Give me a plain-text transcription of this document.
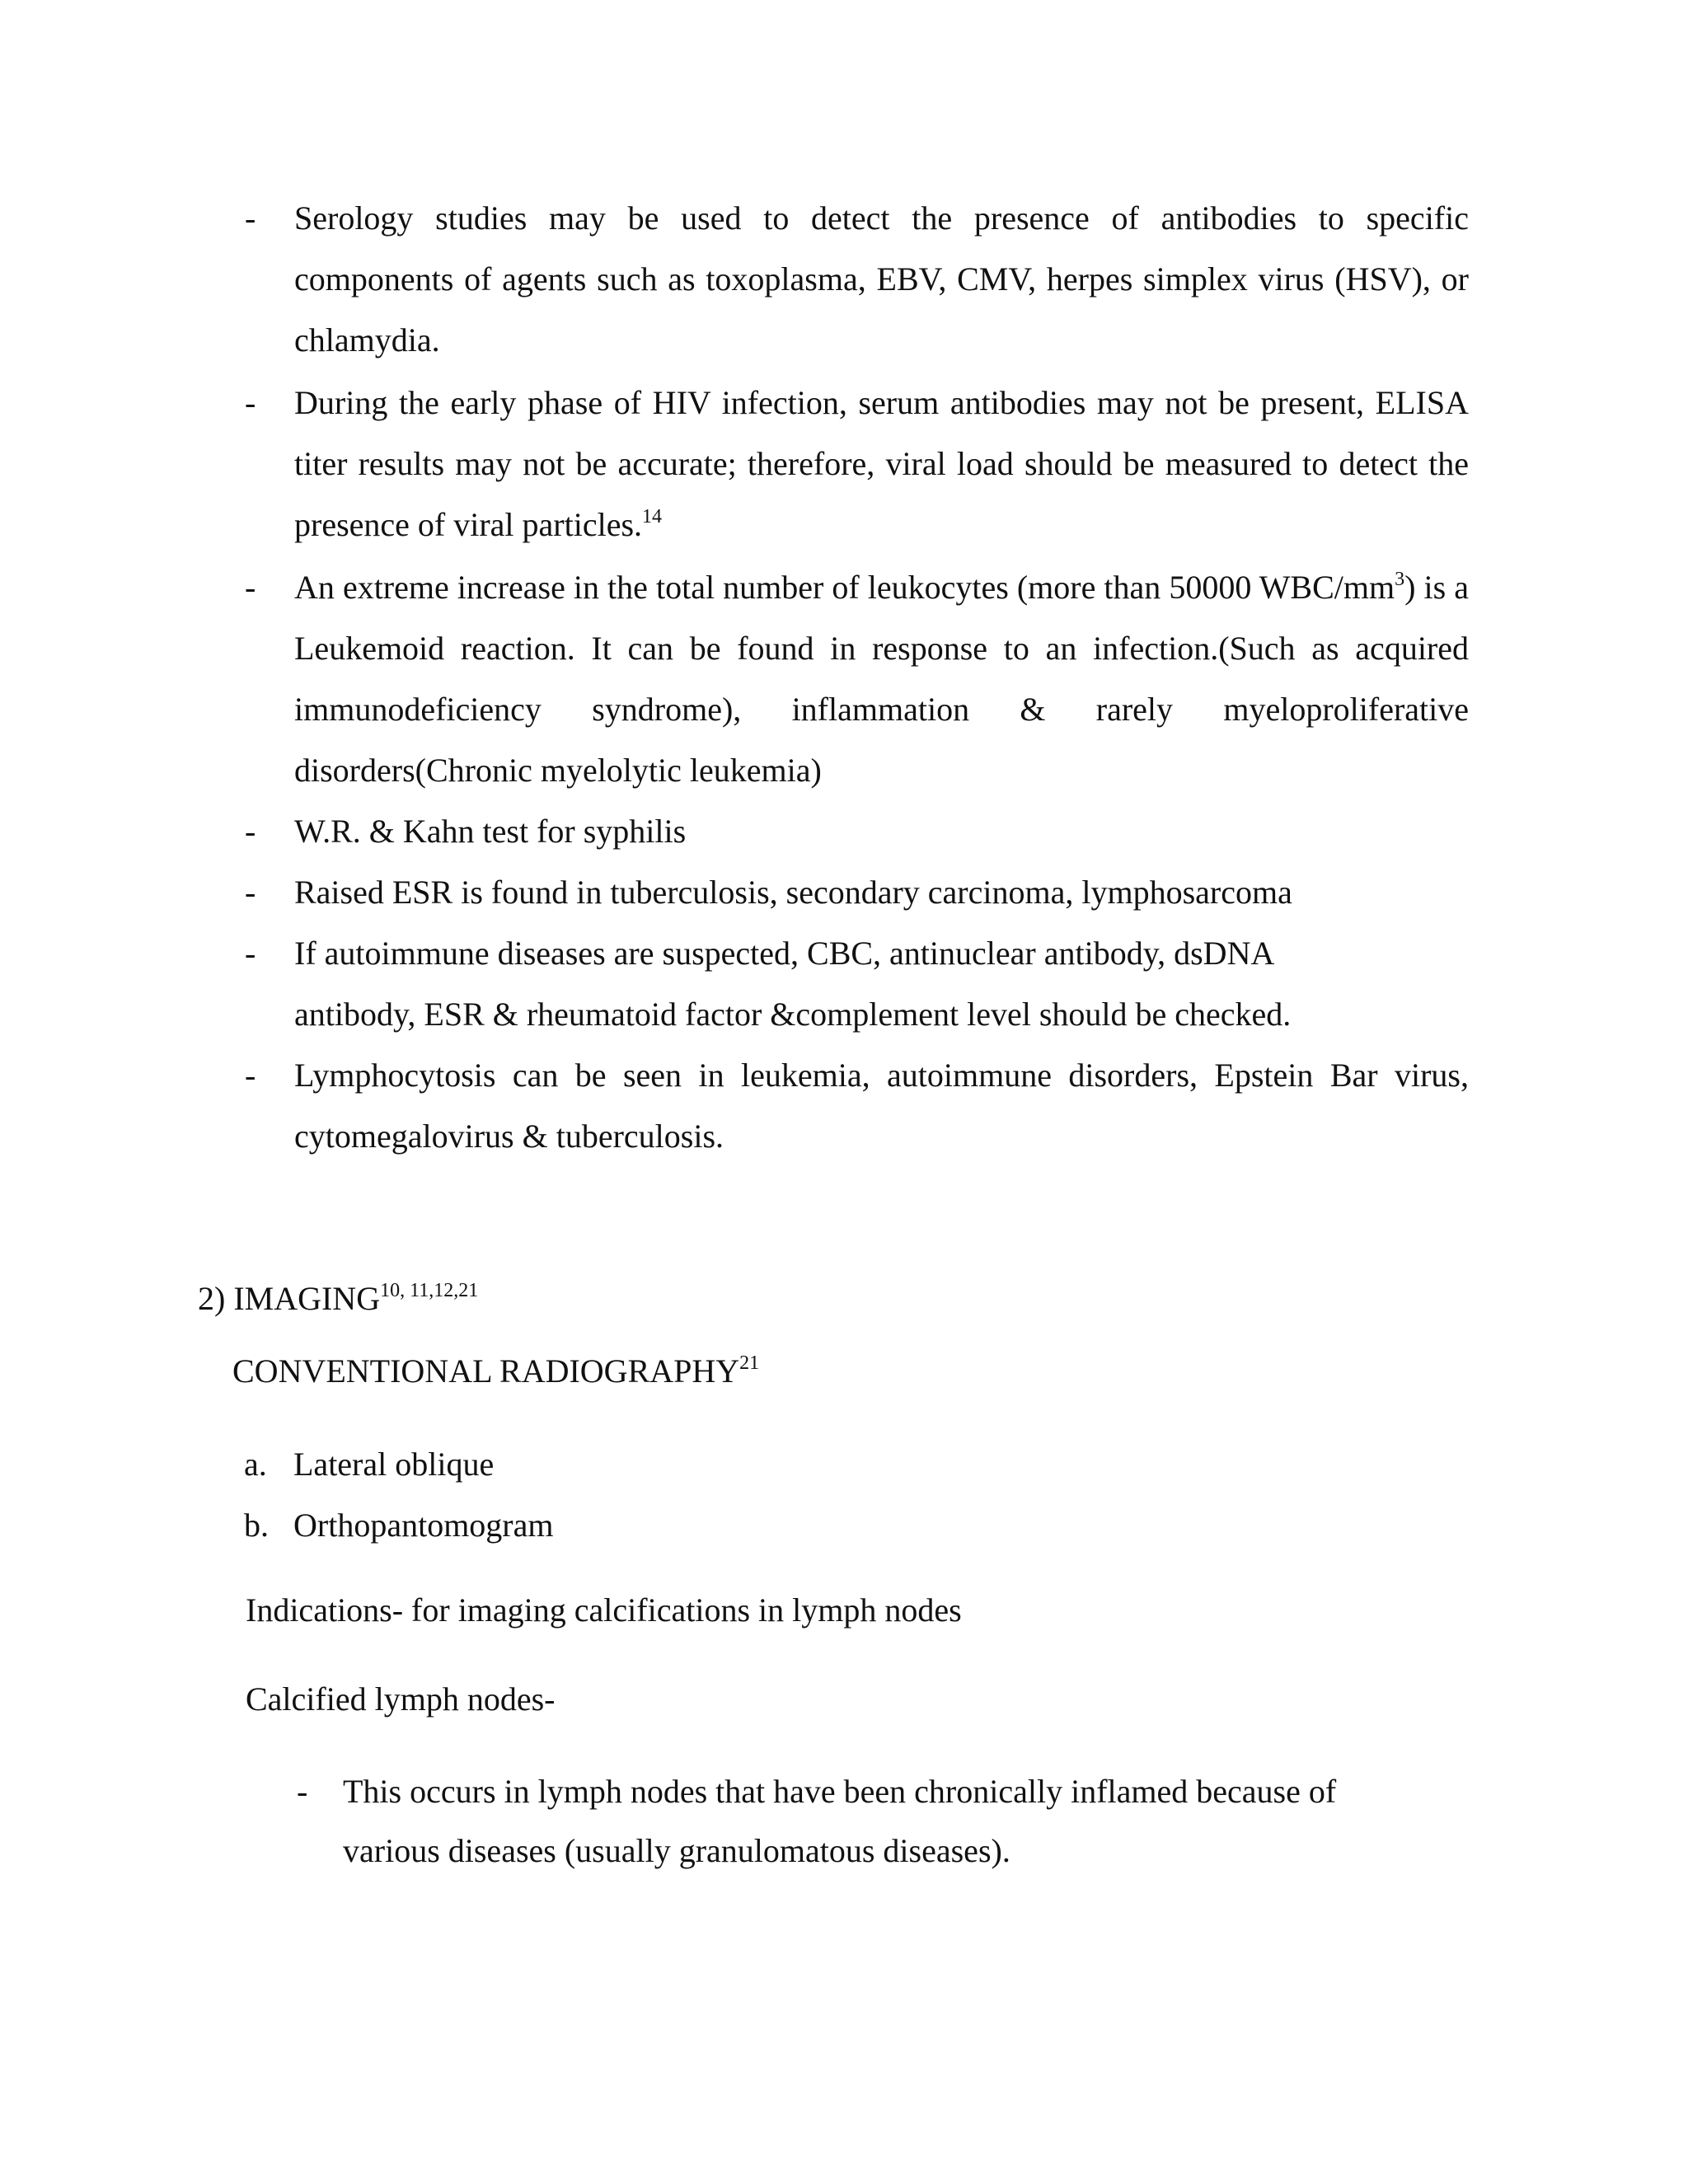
- Serology studies may be used to detect the presence of antibodies to specific components of agents such as toxoplasma, EBV, CMV, herpes simplex virus (HSV), or chlamydia.
- During the early phase of HIV infection, serum antibodies may not be present, ELISA titer results may not be accurate; therefore, viral load should be measured to detect the presence of viral particles.$^{14}$
- An extreme increase in the total number of leukocytes (more than 50000 WBC/$mm^3$) is a Leukemoid reaction. It can be found in response to an infection.(Such as acquired immunodeficiency syndrome), inflammation & rarely myeloproliferative disorders(Chronic myelolytic leukemia)
- W.R. & Kahn test for syphilis
- Raised ESR is found in tuberculosis, secondary carcinoma, lymphosarcoma
- If autoimmune diseases are suspected, CBC, antinuclear antibody, dsDNA
antibody, ESR & rheumatoid factor &complement level should be checked.
- Lymphocytosis can be seen in leukemia, autoimmune disorders, Epstein Bar virus, cytomegalovirus & tuberculosis.
2) IMAGING$^{10, 11,12,21}$
CONVENTIONAL RADIOGRAPHY$^{21}$
a. Lateral oblique
b. Orthopantomogram

Indications- for imaging calcifications in lymph nodes

Calcified lymph nodes-

- This occurs in lymph nodes that have been chronically inflamed because of
various diseases (usually granulomatous diseases).
